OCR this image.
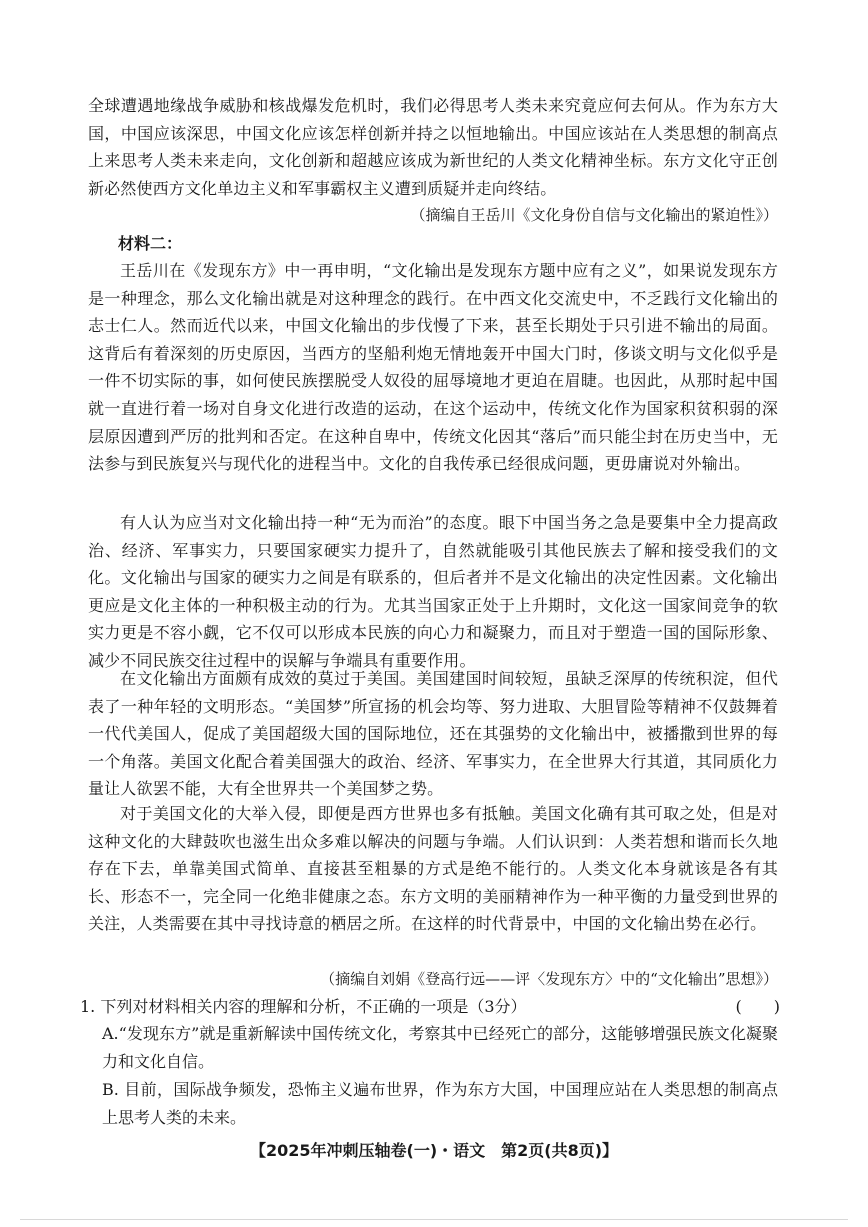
全球遭遇地缘战争威胁和核战爆发危机时，我们必得思考人类未来究竟应何去何从。作为东方大国，中国应该深思，中国文化应该怎样创新并持之以恒地输出。中国应该站在人类思想的制高点上来思考人类未来走向，文化创新和超越应该成为新世纪的人类文化精神坐标。东方文化守正创新必然使西方文化单边主义和军事霸权主义遭到质疑并走向终结。

（摘编自王岳川《文化身份自信与文化输出的紧迫性》）

材料二：

王岳川在《发现东方》中一再申明，“文化输出是发现东方题中应有之义”，如果说发现东方是一种理念，那么文化输出就是对这种理念的践行。在中西文化交流史中，不乏践行文化输出的志士仁人。然而近代以来，中国文化输出的步伐慢了下来，甚至长期处于只引进不输出的局面。这背后有着深刻的历史原因，当西方的坚船利炮无情地轰开中国大门时，侈谈文明与文化似乎是一件不切实际的事，如何使民族摆脱受人奴役的屈辱境地才更迫在眉睫。也因此，从那时起中国就一直进行着一场对自身文化进行改造的运动，在这个运动中，传统文化作为国家积贫积弱的深层原因遭到严厉的批判和否定。在这种自卑中，传统文化因其“落后”而只能尘封在历史当中，无法参与到民族复兴与现代化的进程当中。文化的自我传承已经很成问题，更毋庸说对外输出。

有人认为应当对文化输出持一种“无为而治”的态度。眼下中国当务之急是要集中全力提高政治、经济、军事实力，只要国家硬实力提升了，自然就能吸引其他民族去了解和接受我们的文化。文化输出与国家的硬实力之间是有联系的，但后者并不是文化输出的决定性因素。文化输出更应是文化主体的一种积极主动的行为。尤其当国家正处于上升期时，文化这一国家间竞争的软实力更是不容小觑，它不仅可以形成本民族的向心力和凝聚力，而且对于塑造一国的国际形象、减少不同民族交往过程中的误解与争端具有重要作用。

在文化输出方面颇有成效的莫过于美国。美国建国时间较短，虽缺乏深厚的传统积淀，但代表了一种年轻的文明形态。“美国梦”所宣扬的机会均等、努力进取、大胆冒险等精神不仅鼓舞着一代代美国人，促成了美国超级大国的国际地位，还在其强势的文化输出中，被播撒到世界的每一个角落。美国文化配合着美国强大的政治、经济、军事实力，在全世界大行其道，其同质化力量让人欲罢不能，大有全世界共一个美国梦之势。

对于美国文化的大举入侵，即便是西方世界也多有抵触。美国文化确有其可取之处，但是对这种文化的大肆鼓吹也滋生出众多难以解决的问题与争端。人们认识到：人类若想和谐而长久地存在下去，单靠美国式简单、直接甚至粗暴的方式是绝不能行的。人类文化本身就该是各有其长、形态不一，完全同一化绝非健康之态。东方文明的美丽精神作为一种平衡的力量受到世界的关注，人类需要在其中寻找诗意的栖居之所。在这样的时代背景中，中国的文化输出势在必行。

（摘编自刘娟《登高行远——评〈发现东方〉中的“文化输出”思想》）

1. 下列对材料相关内容的理解和分析，不正确的一项是（3分）	(　　)

A.“发现东方”就是重新解读中国传统文化，考察其中已经死亡的部分，这能够增强民族文化凝聚力和文化自信。

B. 目前，国际战争频发，恐怖主义遍布世界，作为东方大国，中国理应站在人类思想的制高点上思考人类的未来。

【2025年冲刺压轴卷(一)・语文　第2页(共8页)】
